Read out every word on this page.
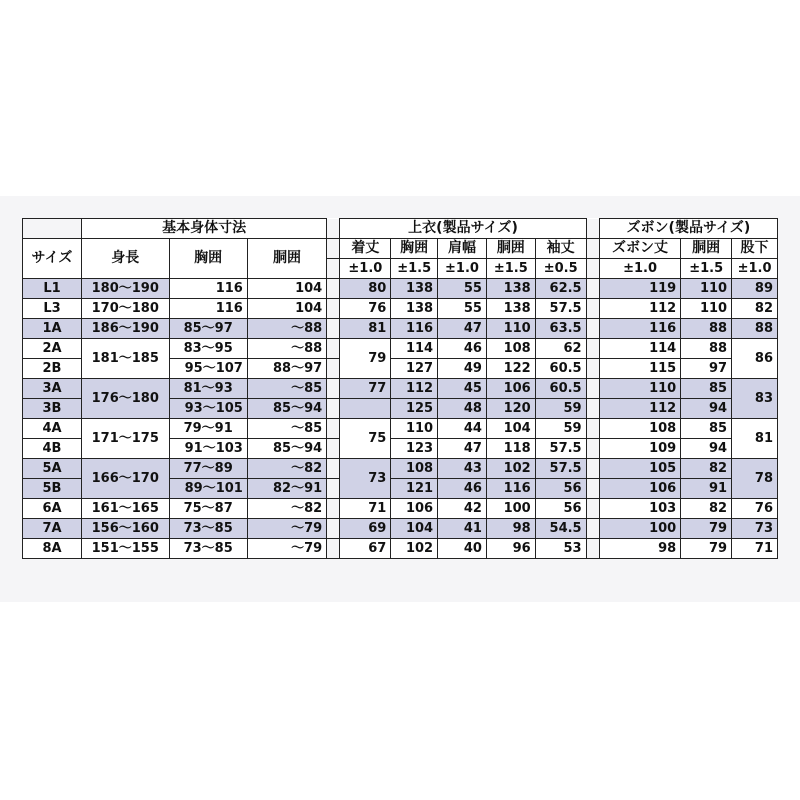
	基本身体寸法				上衣(製品サイズ)						ズボン(製品サイズ)		
サイズ	身長	胸囲	胴囲		着丈	胸囲	肩幅	胴囲	袖丈		ズボン丈	胴囲	股下
					±1.0	±1.5	±1.0	±1.5	±0.5		±1.0	±1.5	±1.0
L1	180～190	116	104		80	138	55	138	62.5		119	110	89
L3	170～180	116	104		76	138	55	138	57.5		112	110	82
1A	186～190	85～97	～88		81	116	47	110	63.5		116	88	88
2A	181～185	83～95	～88		79	114	46	108	62		114	88	86
2B		95～107	88～97			127	49	122	60.5		115	97	
3A	176～180	81～93	～85		77	112	45	106	60.5		110	85	83
3B		93～105	85～94			125	48	120	59		112	94	
4A	171～175	79～91	～85		75	110	44	104	59		108	85	81
4B		91～103	85～94			123	47	118	57.5		109	94	
5A	166～170	77～89	～82		73	108	43	102	57.5		105	82	78
5B		89～101	82～91			121	46	116	56		106	91	
6A	161～165	75～87	～82		71	106	42	100	56		103	82	76
7A	156～160	73～85	～79		69	104	41	98	54.5		100	79	73
8A	151～155	73～85	～79		67	102	40	96	53		98	79	71
